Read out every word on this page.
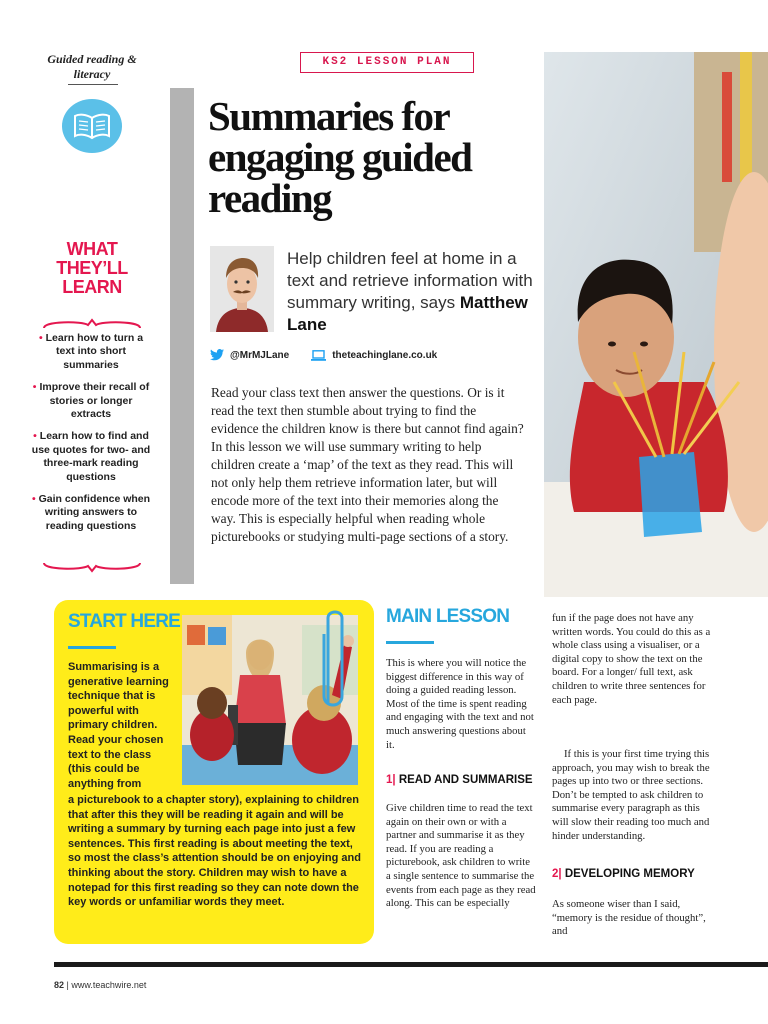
Guided reading & literacy
KS2 LESSON PLAN
Summaries for engaging guided reading

Help children feel at home in a text and retrieve information with summary writing, says Matthew Lane

@MrMJLane	theteachinglane.co.uk

Read your class text then answer the questions. Or is it read the text then stumble about trying to find the evidence the children know is there but cannot find again? In this lesson we will use summary writing to help children create a ‘map’ of the text as they read. This will not only help them retrieve information later, but will encode more of the text into their memories along the way. This is especially helpful when reading whole picturebooks or studying multi-page sections of a story.

WHAT THEY’LL LEARN
• Learn how to turn a text into short summaries
• Improve their recall of stories or longer extracts
• Learn how to find and use quotes for two- and three-mark reading questions
• Gain confidence when writing answers to reading questions
START HERE

Summarising is a generative learning technique that is powerful with primary children. Read your chosen text to the class (this could be anything from

a picturebook to a chapter story), explaining to children that after this they will be reading it again and will be writing a summary by turning each page into just a few sentences. This first reading is about meeting the text, so most the class’s attention should be on enjoying and thinking about the story. Children may wish to have a notepad for this first reading so they can note down the key words or unfamiliar words they meet.

MAIN LESSON

This is where you will notice the biggest difference in this way of doing a guided reading lesson. Most of the time is spent reading and engaging with the text and not much answering questions about it.

1| READ AND SUMMARISE

Give children time to read the text again on their own or with a partner and summarise it as they read. If you are reading a picturebook, ask children to write a single sentence to summarise the events from each page as they read along. This can be especially

fun if the page does not have any written words. You could do this as a whole class using a visualiser, or a digital copy to show the text on the board. For a longer/ full text, ask children to write three sentences for each page.

If this is your first time trying this approach, you may wish to break the pages up into two or three sections. Don’t be tempted to ask children to summarise every paragraph as this will slow their reading too much and hinder understanding.

2| DEVELOPING MEMORY

As someone wiser than I said, “memory is the residue of thought”, and

82 | www.teachwire.net
